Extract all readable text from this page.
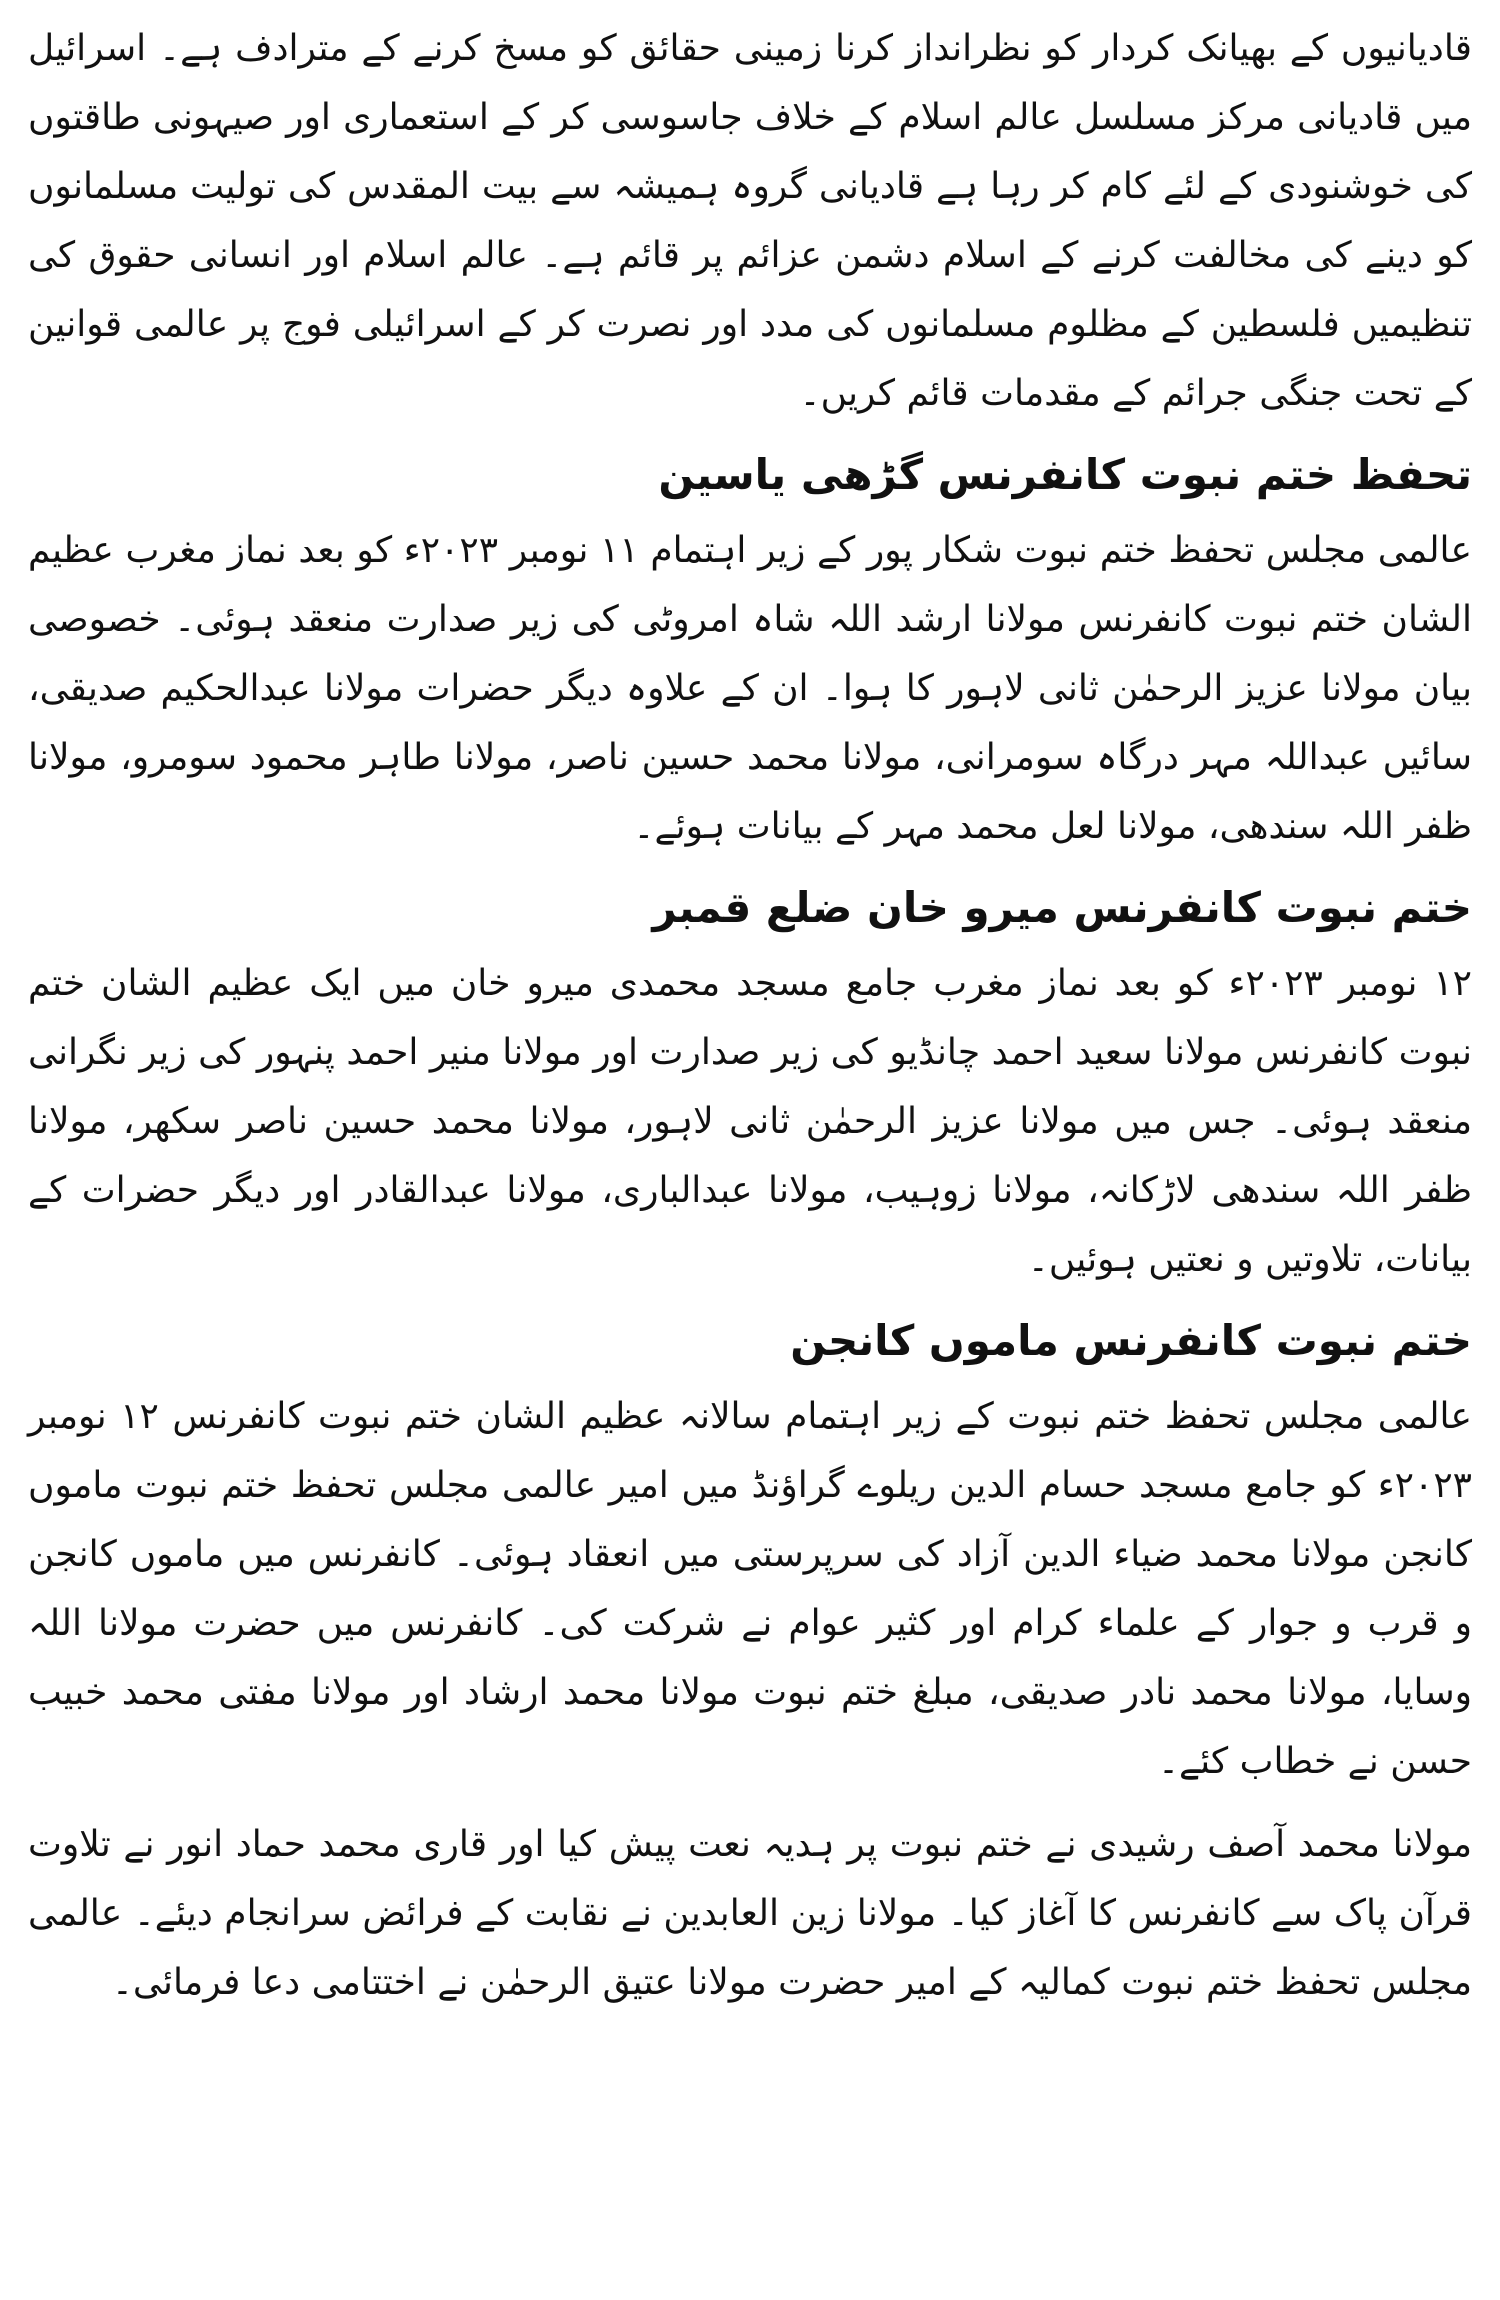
قادیانیوں کے بھیانک کردار کو نظرانداز کرنا زمینی حقائق کو مسخ کرنے کے مترادف ہے۔ اسرائیل میں قادیانی مرکز مسلسل عالم اسلام کے خلاف جاسوسی کر کے استعماری اور صیہونی طاقتوں کی خوشنودی کے لئے کام کر رہا ہے قادیانی گروہ ہمیشہ سے بیت المقدس کی تولیت مسلمانوں کو دینے کی مخالفت کرنے کے اسلام دشمن عزائم پر قائم ہے۔ عالم اسلام اور انسانی حقوق کی تنظیمیں فلسطین کے مظلوم مسلمانوں کی مدد اور نصرت کر کے اسرائیلی فوج پر عالمی قوانین کے تحت جنگی جرائم کے مقدمات قائم کریں۔

تحفظ ختم نبوت کانفرنس گڑھی یاسین

عالمی مجلس تحفظ ختم نبوت شکار پور کے زیر اہتمام ۱۱ نومبر ۲۰۲۳ء کو بعد نماز مغرب عظیم الشان ختم نبوت کانفرنس مولانا ارشد اللہ شاہ امروٹی کی زیر صدارت منعقد ہوئی۔ خصوصی بیان مولانا عزیز الرحمٰن ثانی لاہور کا ہوا۔ ان کے علاوہ دیگر حضرات مولانا عبدالحکیم صدیقی، سائیں عبداللہ مہر درگاہ سومرانی، مولانا محمد حسین ناصر، مولانا طاہر محمود سومرو، مولانا ظفر اللہ سندھی، مولانا لعل محمد مہر کے بیانات ہوئے۔

ختم نبوت کانفرنس میرو خان ضلع قمبر

۱۲ نومبر ۲۰۲۳ء کو بعد نماز مغرب جامع مسجد محمدی میرو خان میں ایک عظیم الشان ختم نبوت کانفرنس مولانا سعید احمد چانڈیو کی زیر صدارت اور مولانا منیر احمد پنہور کی زیر نگرانی منعقد ہوئی۔ جس میں مولانا عزیز الرحمٰن ثانی لاہور، مولانا محمد حسین ناصر سکھر، مولانا ظفر اللہ سندھی لاڑکانہ، مولانا زوہیب، مولانا عبدالباری، مولانا عبدالقادر اور دیگر حضرات کے بیانات، تلاوتیں و نعتیں ہوئیں۔

ختم نبوت کانفرنس ماموں کانجن

عالمی مجلس تحفظ ختم نبوت کے زیر اہتمام سالانہ عظیم الشان ختم نبوت کانفرنس ۱۲ نومبر ۲۰۲۳ء کو جامع مسجد حسام الدین ریلوے گراؤنڈ میں امیر عالمی مجلس تحفظ ختم نبوت ماموں کانجن مولانا محمد ضیاء الدین آزاد کی سرپرستی میں انعقاد ہوئی۔ کانفرنس میں ماموں کانجن و قرب و جوار کے علماء کرام اور کثیر عوام نے شرکت کی۔ کانفرنس میں حضرت مولانا اللہ وسایا، مولانا محمد نادر صدیقی، مبلغ ختم نبوت مولانا محمد ارشاد اور مولانا مفتی محمد خبیب حسن نے خطاب کئے۔

مولانا محمد آصف رشیدی نے ختم نبوت پر ہدیہ نعت پیش کیا اور قاری محمد حماد انور نے تلاوت قرآن پاک سے کانفرنس کا آغاز کیا۔ مولانا زین العابدین نے نقابت کے فرائض سرانجام دیئے۔ عالمی مجلس تحفظ ختم نبوت کمالیہ کے امیر حضرت مولانا عتیق الرحمٰن نے اختتامی دعا فرمائی۔
